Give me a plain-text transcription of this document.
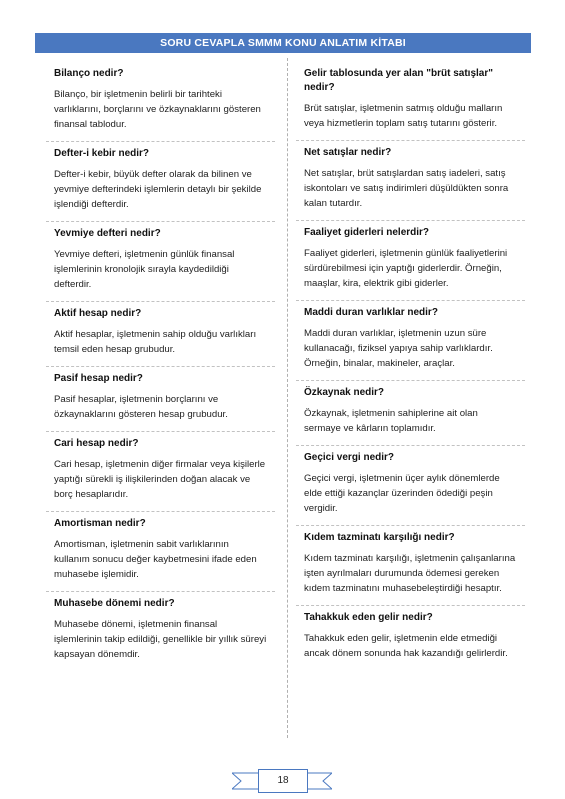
SORU CEVAPLA SMMM KONU ANLATIM KİTABI
Bilanço nedir?
Bilanço, bir işletmenin belirli bir tarihteki varlıklarını, borçlarını ve özkaynaklarını gösteren finansal tablodur.
Defter-i kebir nedir?
Defter-i kebir, büyük defter olarak da bilinen ve yevmiye defterindeki işlemlerin detaylı bir şekilde işlendiği defterdir.
Yevmiye defteri nedir?
Yevmiye defteri, işletmenin günlük finansal işlemlerinin kronolojik sırayla kaydedildiği defterdir.
Aktif hesap nedir?
Aktif hesaplar, işletmenin sahip olduğu varlıkları temsil eden hesap grubudur.
Pasif hesap nedir?
Pasif hesaplar, işletmenin borçlarını ve özkaynaklarını gösteren hesap grubudur.
Cari hesap nedir?
Cari hesap, işletmenin diğer firmalar veya kişilerle yaptığı sürekli iş ilişkilerinden doğan alacak ve borç hesaplarıdır.
Amortisman nedir?
Amortisman, işletmenin sabit varlıklarının kullanım sonucu değer kaybetmesini ifade eden muhasebe işlemidir.
Muhasebe dönemi nedir?
Muhasebe dönemi, işletmenin finansal işlemlerinin takip edildiği, genellikle bir yıllık süreyi kapsayan dönemdir.
Gelir tablosunda yer alan "brüt satışlar" nedir?
Brüt satışlar, işletmenin satmış olduğu malların veya hizmetlerin toplam satış tutarını gösterir.
Net satışlar nedir?
Net satışlar, brüt satışlardan satış iadeleri, satış iskontoları ve satış indirimleri düşüldükten sonra kalan tutardır.
Faaliyet giderleri nelerdir?
Faaliyet giderleri, işletmenin günlük faaliyetlerini sürdürebilmesi için yaptığı giderlerdir. Örneğin, maaşlar, kira, elektrik gibi giderler.
Maddi duran varlıklar nedir?
Maddi duran varlıklar, işletmenin uzun süre kullanacağı, fiziksel yapıya sahip varlıklardır. Örneğin, binalar, makineler, araçlar.
Özkaynak nedir?
Özkaynak, işletmenin sahiplerine ait olan sermaye ve kârların toplamıdır.
Geçici vergi nedir?
Geçici vergi, işletmenin üçer aylık dönemlerde elde ettiği kazançlar üzerinden ödediği peşin vergidir.
Kıdem tazminatı karşılığı nedir?
Kıdem tazminatı karşılığı, işletmenin çalışanlarına işten ayrılmaları durumunda ödemesi gereken kıdem tazminatını muhasebeleştirdiği hesaptır.
Tahakkuk eden gelir nedir?
Tahakkuk eden gelir, işletmenin elde etmediği ancak dönem sonunda hak kazandığı gelirlerdir.
18
